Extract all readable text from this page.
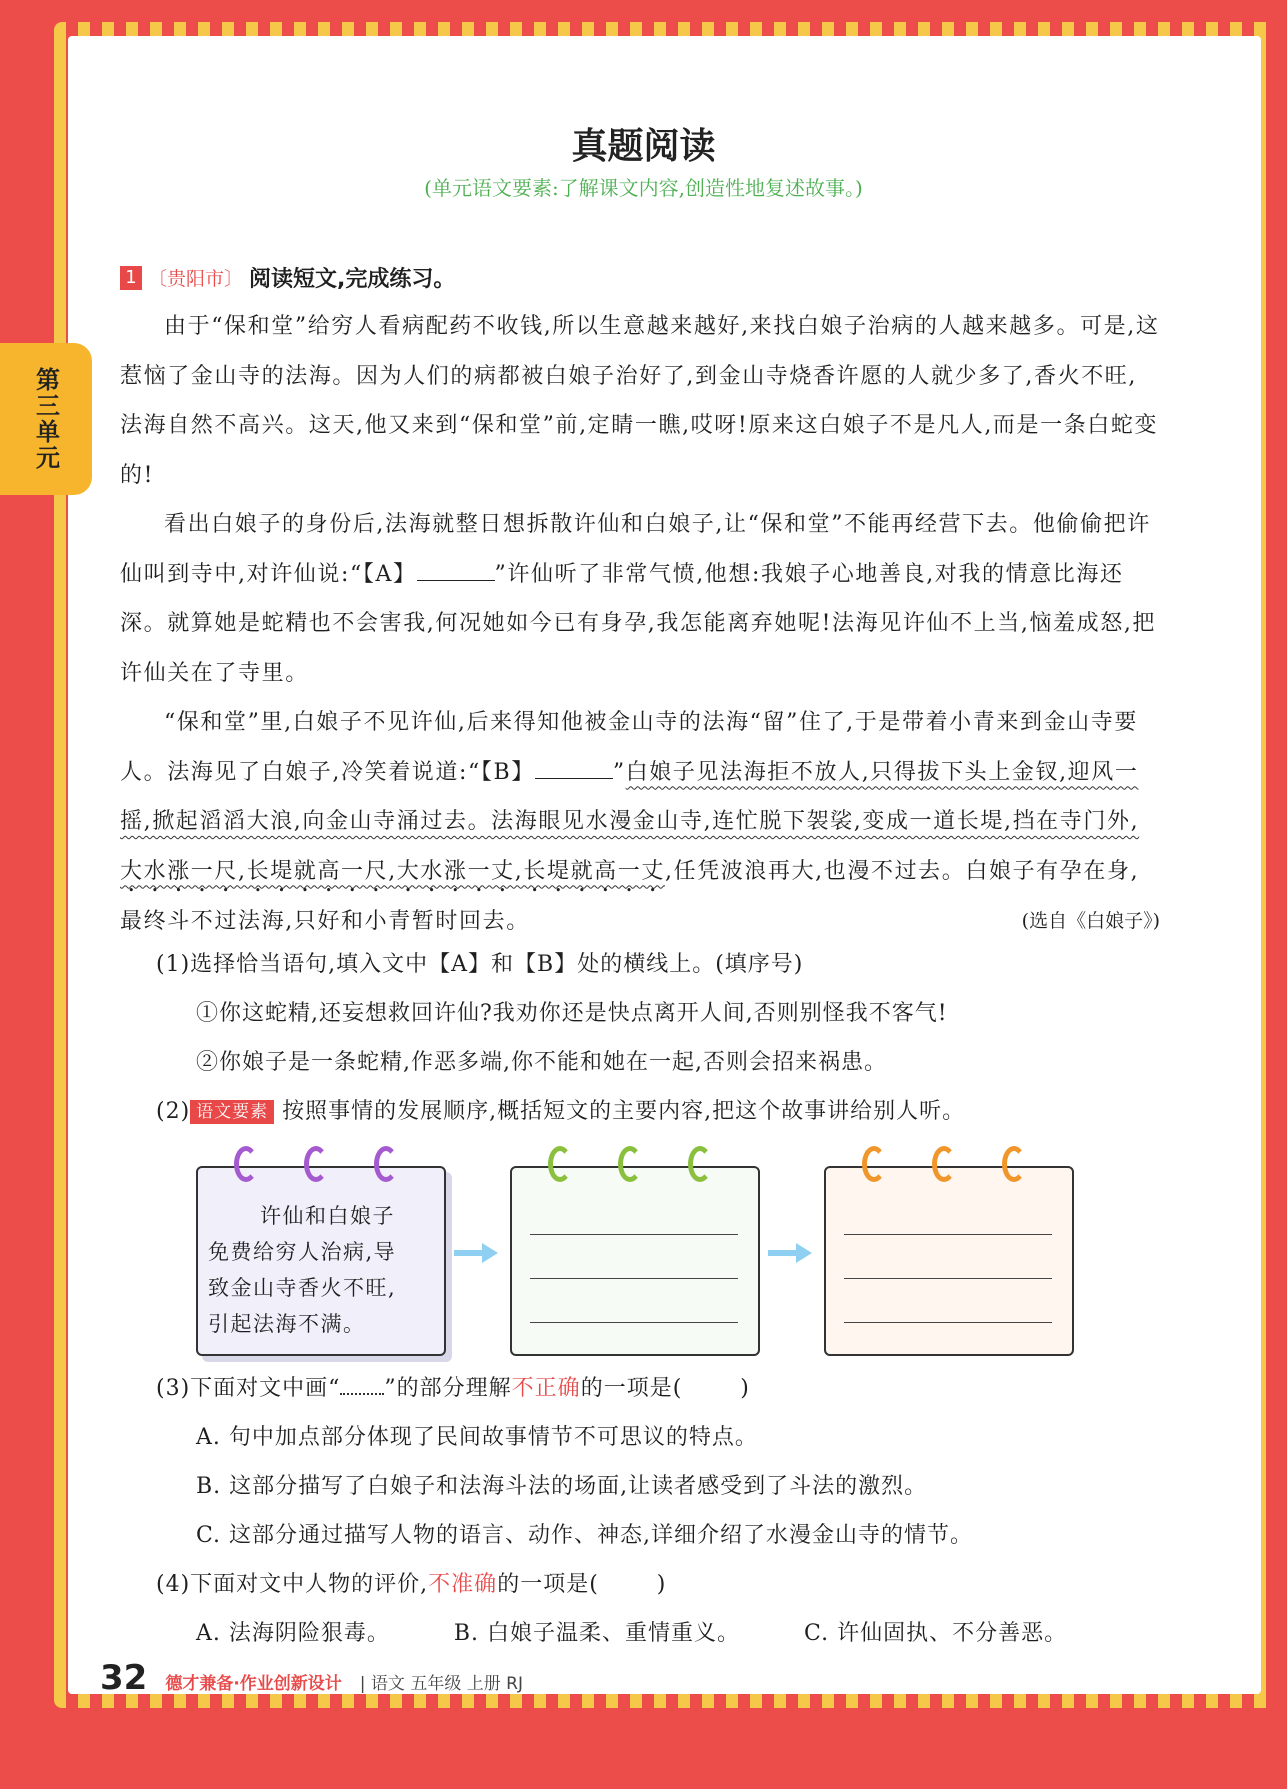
第三单元
真题阅读
(单元语文要素:了解课文内容,创造性地复述故事。)
1 〔贵阳市〕 阅读短文,完成练习。

由于“保和堂”给穷人看病配药不收钱,所以生意越来越好,来找白娘子治病的人越来越多。可是,这惹恼了金山寺的法海。因为人们的病都被白娘子治好了,到金山寺烧香许愿的人就少多了,香火不旺,法海自然不高兴。这天,他又来到“保和堂”前,定睛一瞧,哎呀!原来这白娘子不是凡人,而是一条白蛇变的!

看出白娘子的身份后,法海就整日想拆散许仙和白娘子,让“保和堂”不能再经营下去。他偷偷把许仙叫到寺中,对许仙说:“【A】	”许仙听了非常气愤,他想:我娘子心地善良,对我的情意比海还深。就算她是蛇精也不会害我,何况她如今已有身孕,我怎能离弃她呢!法海见许仙不上当,恼羞成怒,把许仙关在了寺里。

“保和堂”里,白娘子不见许仙,后来得知他被金山寺的法海“留”住了,于是带着小青来到金山寺要人。法海见了白娘子,冷笑着说道:“【B】	”白娘子见法海拒不放人,只得拔下头上金钗,迎风一摇,掀起滔滔大浪,向金山寺涌过去。法海眼见水漫金山寺,连忙脱下袈裟,变成一道长堤,挡在寺门外,大水涨一尺,长堤就高一尺,大水涨一丈,长堤就高一丈,任凭波浪再大,也漫不过去。白娘子有孕在身,最终斗不过法海,只好和小青暂时回去。	(选自《白娘子》)

(1)选择恰当语句,填入文中【A】和【B】处的横线上。(填序号)
①你这蛇精,还妄想救回许仙?我劝你还是快点离开人间,否则别怪我不客气!
②你娘子是一条蛇精,作恶多端,你不能和她在一起,否则会招来祸患。
(2) 语文要素 按照事情的发展顺序,概括短文的主要内容,把这个故事讲给别人听。
许仙和白娘子
免费给穷人治病,导
致金山寺香火不旺,
引起法海不满。
(3)下面对文中画“ ”的部分理解不正确的一项是(	)
A. 句中加点部分体现了民间故事情节不可思议的特点。
B. 这部分描写了白娘子和法海斗法的场面,让读者感受到了斗法的激烈。
C. 这部分通过描写人物的语言、动作、神态,详细介绍了水漫金山寺的情节。
(4)下面对文中人物的评价,不准确的一项是(	)
A. 法海阴险狠毒。	B. 白娘子温柔、重情重义。	C. 许仙固执、不分善恶。
32 德才兼备·作业创新设计 | 语文 五年级 上册 RJ
